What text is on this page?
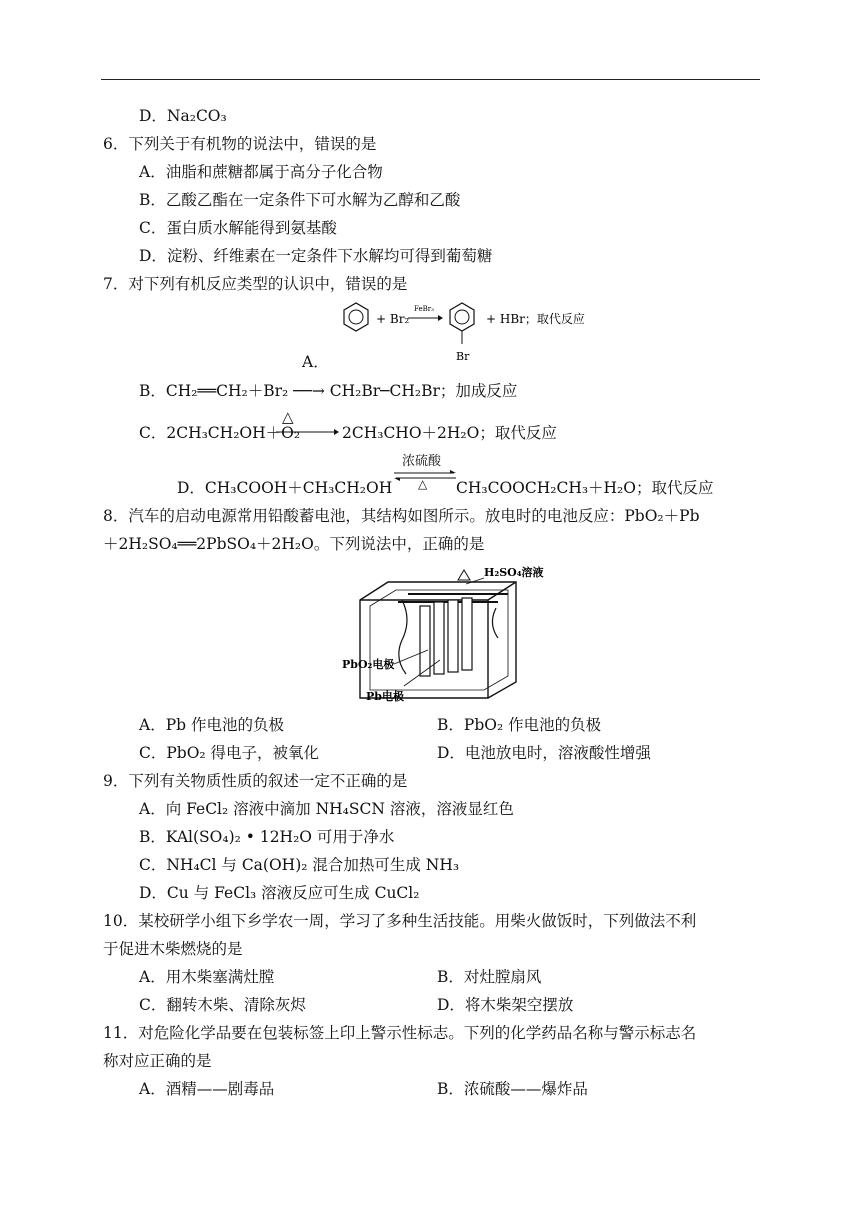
D．Na₂CO₃
6．下列关于有机物的说法中，错误的是
A．油脂和蔗糖都属于高分子化合物
B．乙酸乙酯在一定条件下可水解为乙醇和乙酸
C．蛋白质水解能得到氨基酸
D．淀粉、纤维素在一定条件下水解均可得到葡萄糖
7．对下列有机反应类型的认识中，错误的是
+ Br₂
FeBr₃
Br
+ HBr；取代反应
A．
B．CH₂══CH₂＋Br₂ ──→ CH₂Br─CH₂Br；加成反应
C．2CH₃CH₂OH＋O₂
△
2CH₃CHO＋2H₂O；取代反应
D．CH₃COOH＋CH₃CH₂OH
浓硫酸
△ CH₃COOCH₂CH₃＋H₂O；取代反应
8．汽车的启动电源常用铅酸蓄电池，其结构如图所示。放电时的电池反应：PbO₂＋Pb
＋2H₂SO₄══2PbSO₄＋2H₂O。下列说法中，正确的是
H₂SO₄溶液
PbO₂电极
Pb电极
A．Pb 作电池的负极	B．PbO₂ 作电池的负极
C．PbO₂ 得电子，被氧化	D．电池放电时，溶液酸性增强
9．下列有关物质性质的叙述一定不正确的是
A．向 FeCl₂ 溶液中滴加 NH₄SCN 溶液，溶液显红色
B．KAl(SO₄)₂ • 12H₂O 可用于净水
C．NH₄Cl 与 Ca(OH)₂ 混合加热可生成 NH₃
D．Cu 与 FeCl₃ 溶液反应可生成 CuCl₂
10．某校研学小组下乡学农一周，学习了多种生活技能。用柴火做饭时，下列做法不利
于促进木柴燃烧的是
A．用木柴塞满灶膛	B．对灶膛扇风
C．翻转木柴、清除灰烬	D．将木柴架空摆放
11．对危险化学品要在包装标签上印上警示性标志。下列的化学药品名称与警示标志名
称对应正确的是
A．酒精——剧毒品	B．浓硫酸——爆炸品
